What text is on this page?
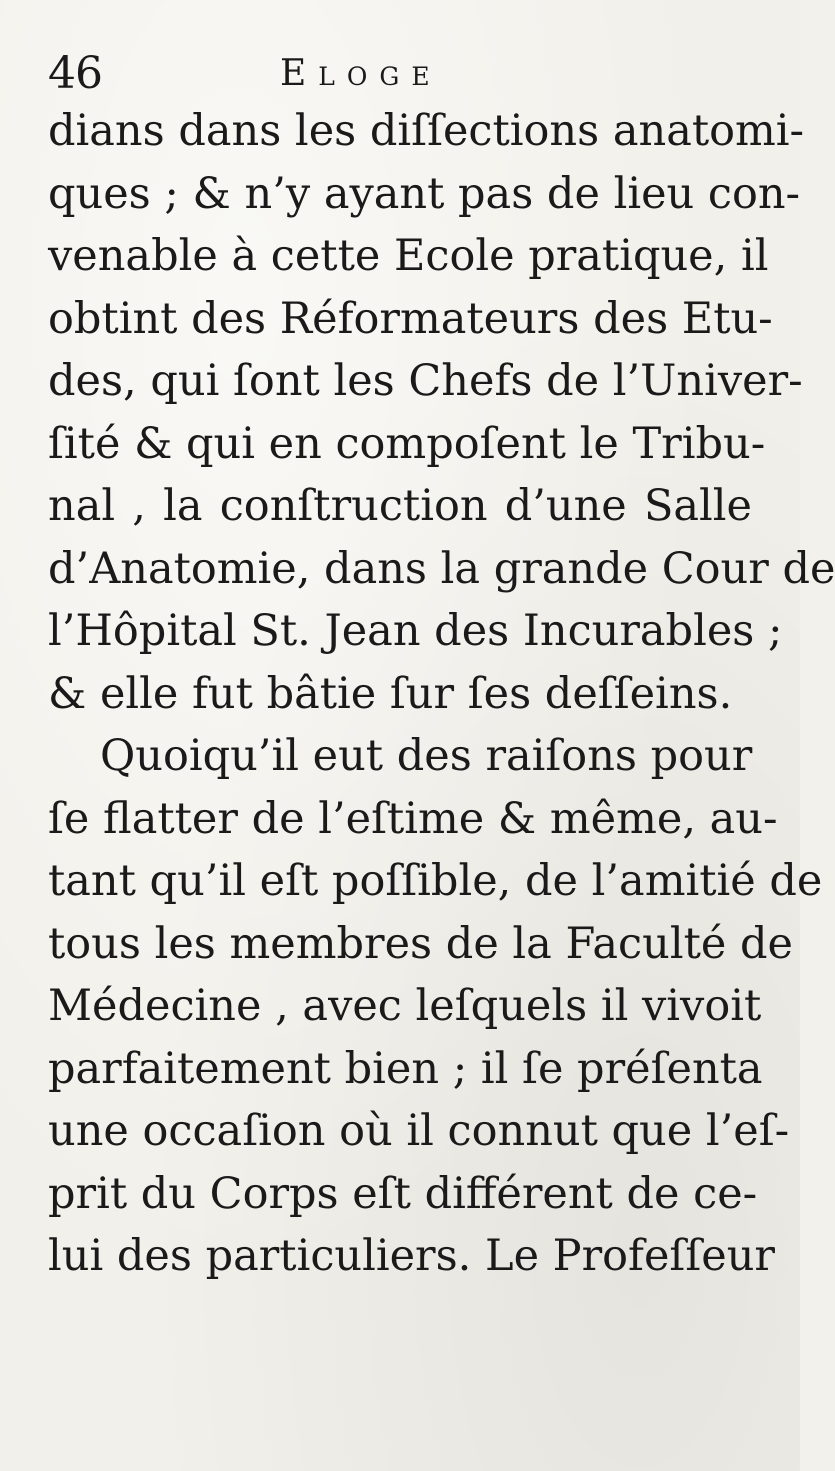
46	Eloge
dians dans les diſſections anatomi-
ques ; & n’y ayant pas de lieu con-
venable à cette Ecole pratique, il
obtint des Réformateurs des Etu-
des, qui ſont les Chefs de l’Univer-
ſité & qui en compoſent le Tribu-
nal , la conſtruction d’une Salle
d’Anatomie, dans la grande Cour de
l’Hôpital St. Jean des Incurables ;
& elle fut bâtie ſur ſes deſſeins.
Quoiqu’il eut des raiſons pour
ſe flatter de l’eſtime & même, au-
tant qu’il eſt poſſible, de l’amitié de
tous les membres de la Faculté de
Médecine , avec leſquels il vivoit
parfaitement bien ; il ſe préſenta
une occaſion où il connut que l’eſ-
prit du Corps eſt différent de ce-
lui des particuliers. Le Profeſſeur
